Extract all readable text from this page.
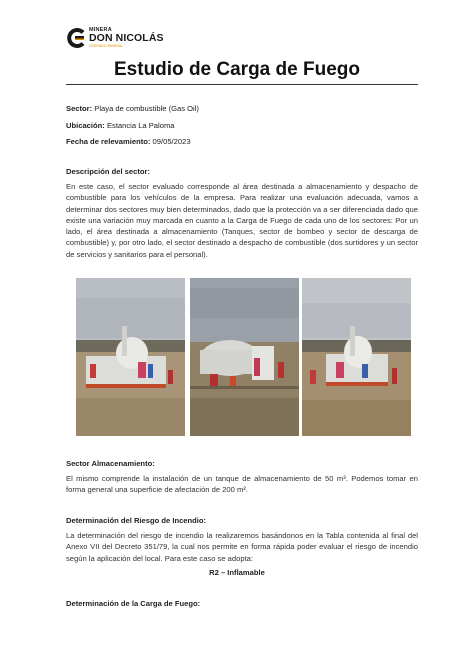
MINERA
DON NICOLÁS
CERRADO MINERAL
Estudio de Carga de Fuego
Sector: Playa de combustible (Gas Oil)
Ubicación: Estancia La Paloma
Fecha de relevamiento: 09/05/2023
Descripción del sector:
En este caso, el sector evaluado corresponde al área destinada a almacenamiento y despacho de combustible para los vehículos de la empresa. Para realizar una evaluación adecuada, vamos a determinar dos sectores muy bien determinados, dado que la protección va a ser diferenciada dado que existe una variación muy marcada en cuanto a la Carga de Fuego de cada uno de los sectores: Por un lado, el área destinada a almacenamiento (Tanques, sector de bombeo y sector de descarga de combustible) y, por otro lado, el sector destinado a despacho de combustible (dos surtidores y un sector de servicios y sanitarios para el personal).
Sector Almacenamiento:
El mismo comprende la instalación de un tanque de almacenamiento de 50 m³. Podemos tomar en forma general una superficie de afectación de 200 m².
Determinación del Riesgo de Incendio:
La determinación del riesgo de incendio la realizaremos basándonos en la Tabla contenida al final del Anexo VII del Decreto 351/79, la cual nos permite en forma rápida poder evaluar el riesgo de incendio según la aplicación del local. Para este caso se adopta:
R2 – Inflamable
Determinación de la Carga de Fuego:
